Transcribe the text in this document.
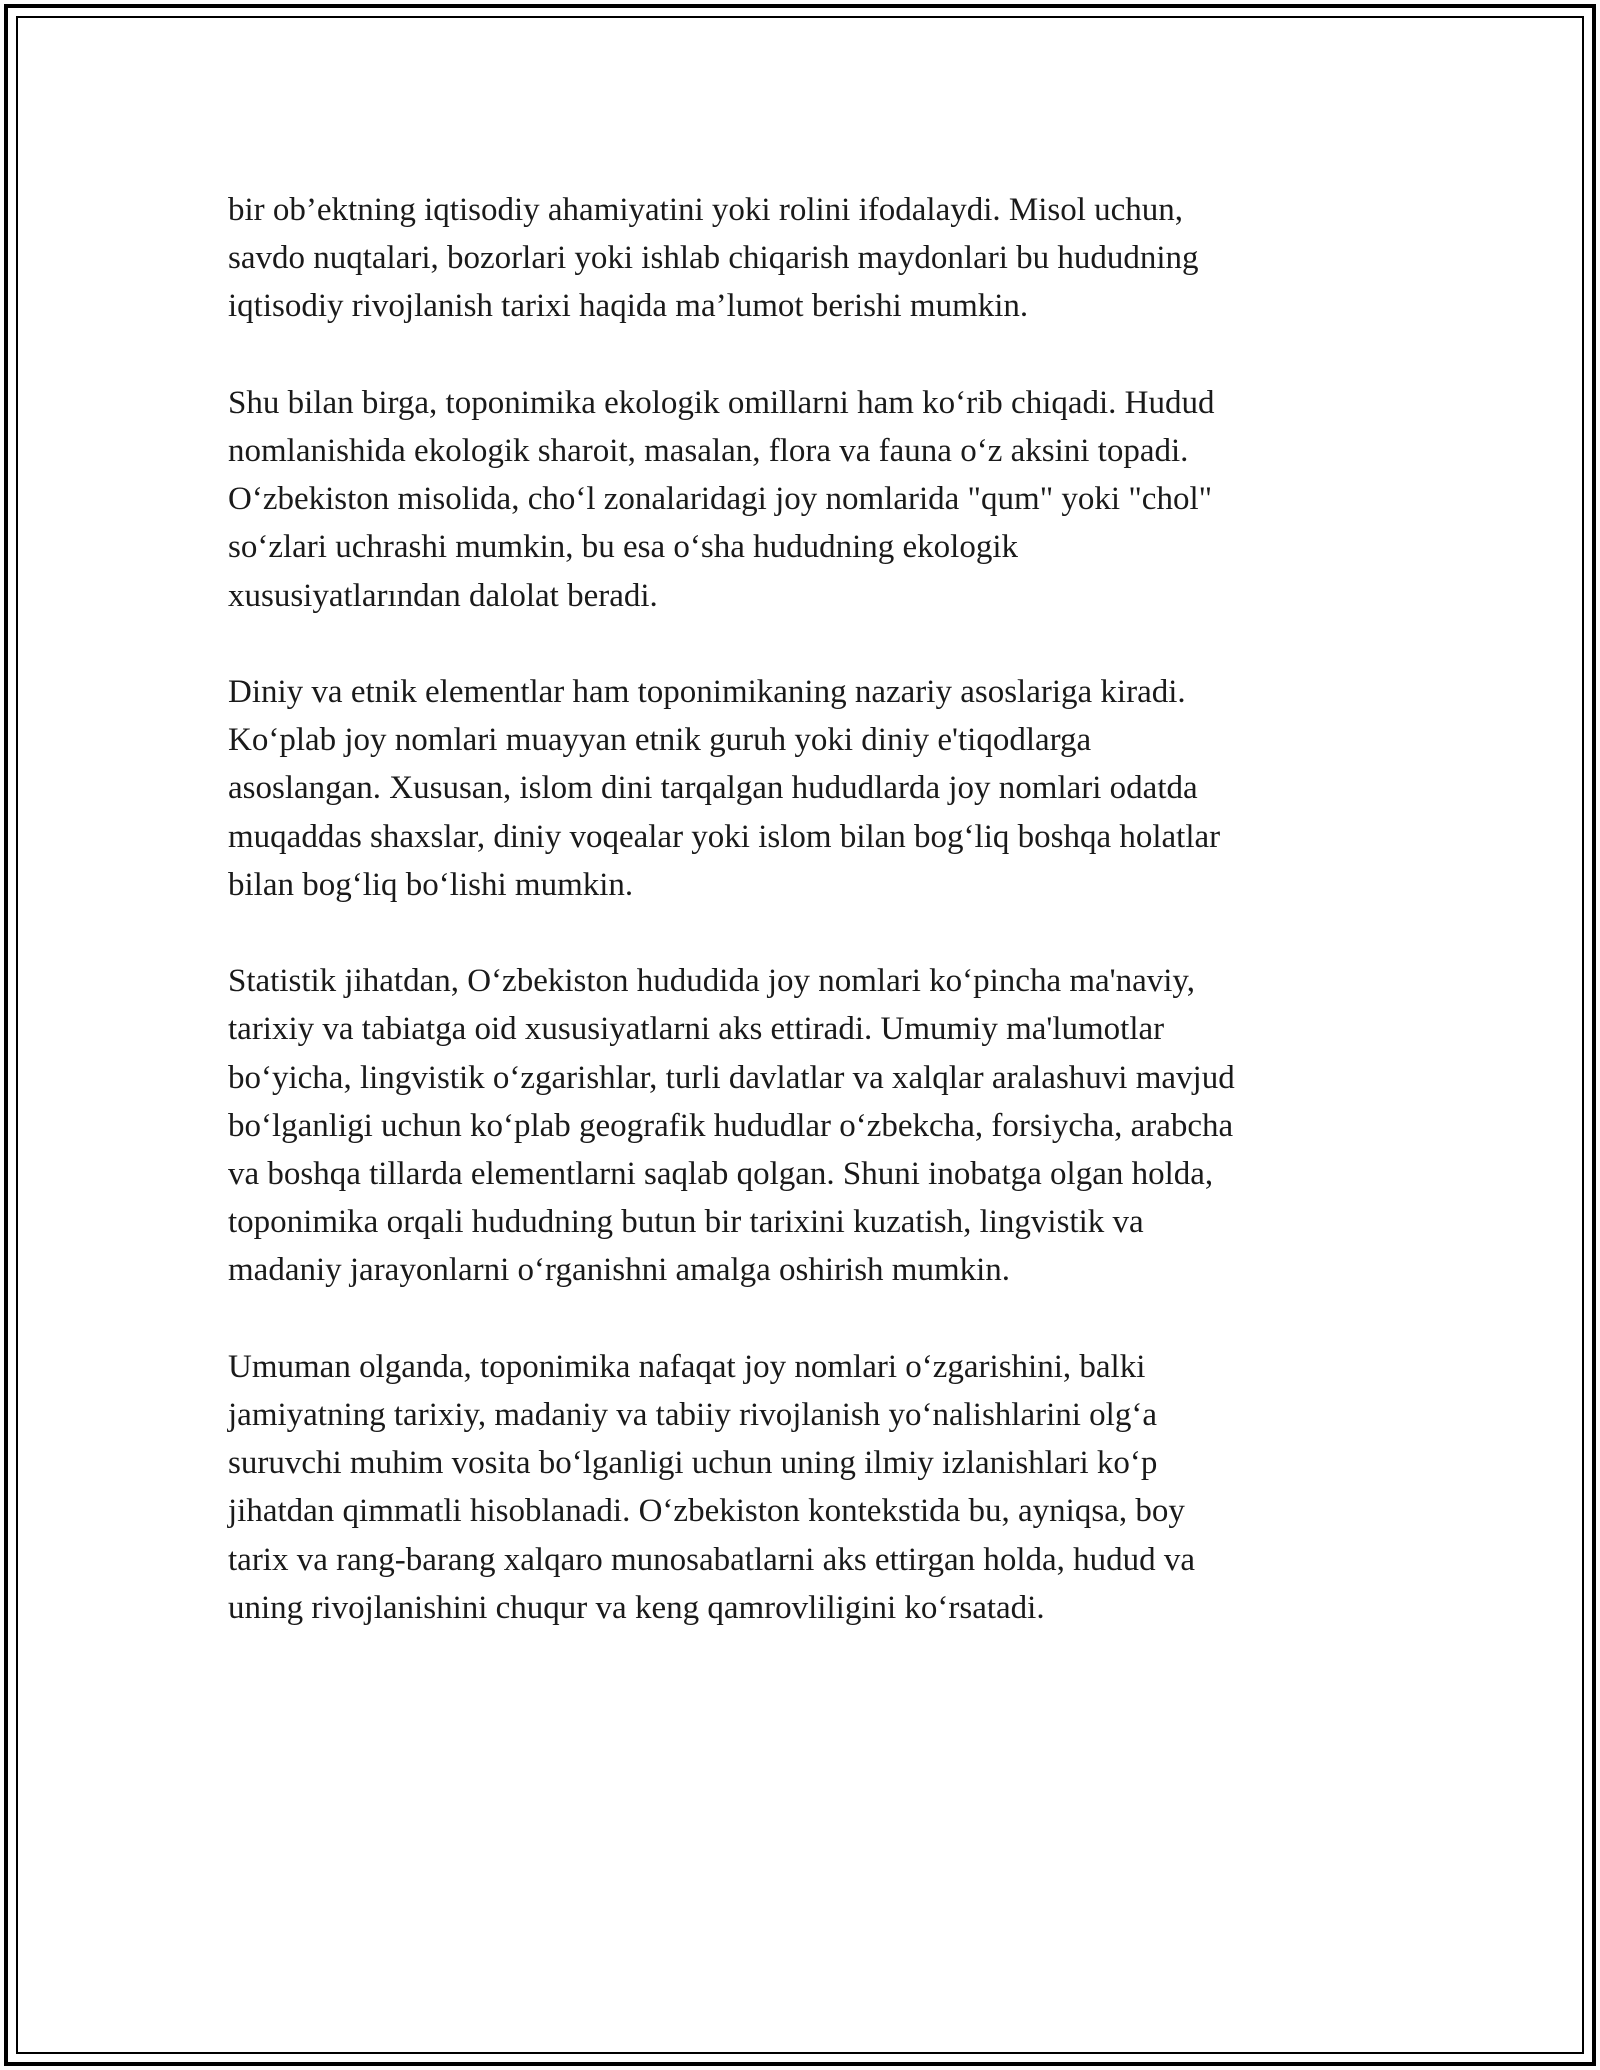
bir ob’ektning iqtisodiy ahamiyatini yoki rolini ifodalaydi. Misol uchun,
savdo nuqtalari, bozorlari yoki ishlab chiqarish maydonlari bu hududning
iqtisodiy rivojlanish tarixi haqida ma’lumot berishi mumkin.

Shu bilan birga, toponimika ekologik omillarni ham ko‘rib chiqadi. Hudud
nomlanishida ekologik sharoit, masalan, flora va fauna o‘z aksini topadi.
O‘zbekiston misolida, cho‘l zonalaridagi joy nomlarida "qum" yoki "chol"
so‘zlari uchrashi mumkin, bu esa o‘sha hududning ekologik
xususiyatlarından dalolat beradi.

Diniy va etnik elementlar ham toponimikaning nazariy asoslariga kiradi.
Ko‘plab joy nomlari muayyan etnik guruh yoki diniy e'tiqodlarga
asoslangan. Xususan, islom dini tarqalgan hududlarda joy nomlari odatda
muqaddas shaxslar, diniy voqealar yoki islom bilan bog‘liq boshqa holatlar
bilan bog‘liq bo‘lishi mumkin.

Statistik jihatdan, O‘zbekiston hududida joy nomlari ko‘pincha ma'naviy,
tarixiy va tabiatga oid xususiyatlarni aks ettiradi. Umumiy ma'lumotlar
bo‘yicha, lingvistik o‘zgarishlar, turli davlatlar va xalqlar aralashuvi mavjud
bo‘lganligi uchun ko‘plab geografik hududlar o‘zbekcha, forsiycha, arabcha
va boshqa tillarda elementlarni saqlab qolgan. Shuni inobatga olgan holda,
toponimika orqali hududning butun bir tarixini kuzatish, lingvistik va
madaniy jarayonlarni o‘rganishni amalga oshirish mumkin.

Umuman olganda, toponimika nafaqat joy nomlari o‘zgarishini, balki
jamiyatning tarixiy, madaniy va tabiiy rivojlanish yo‘nalishlarini olg‘a
suruvchi muhim vosita bo‘lganligi uchun uning ilmiy izlanishlari ko‘p
jihatdan qimmatli hisoblanadi. O‘zbekiston kontekstida bu, ayniqsa, boy
tarix va rang-barang xalqaro munosabatlarni aks ettirgan holda, hudud va
uning rivojlanishini chuqur va keng qamrovliligini ko‘rsatadi.
